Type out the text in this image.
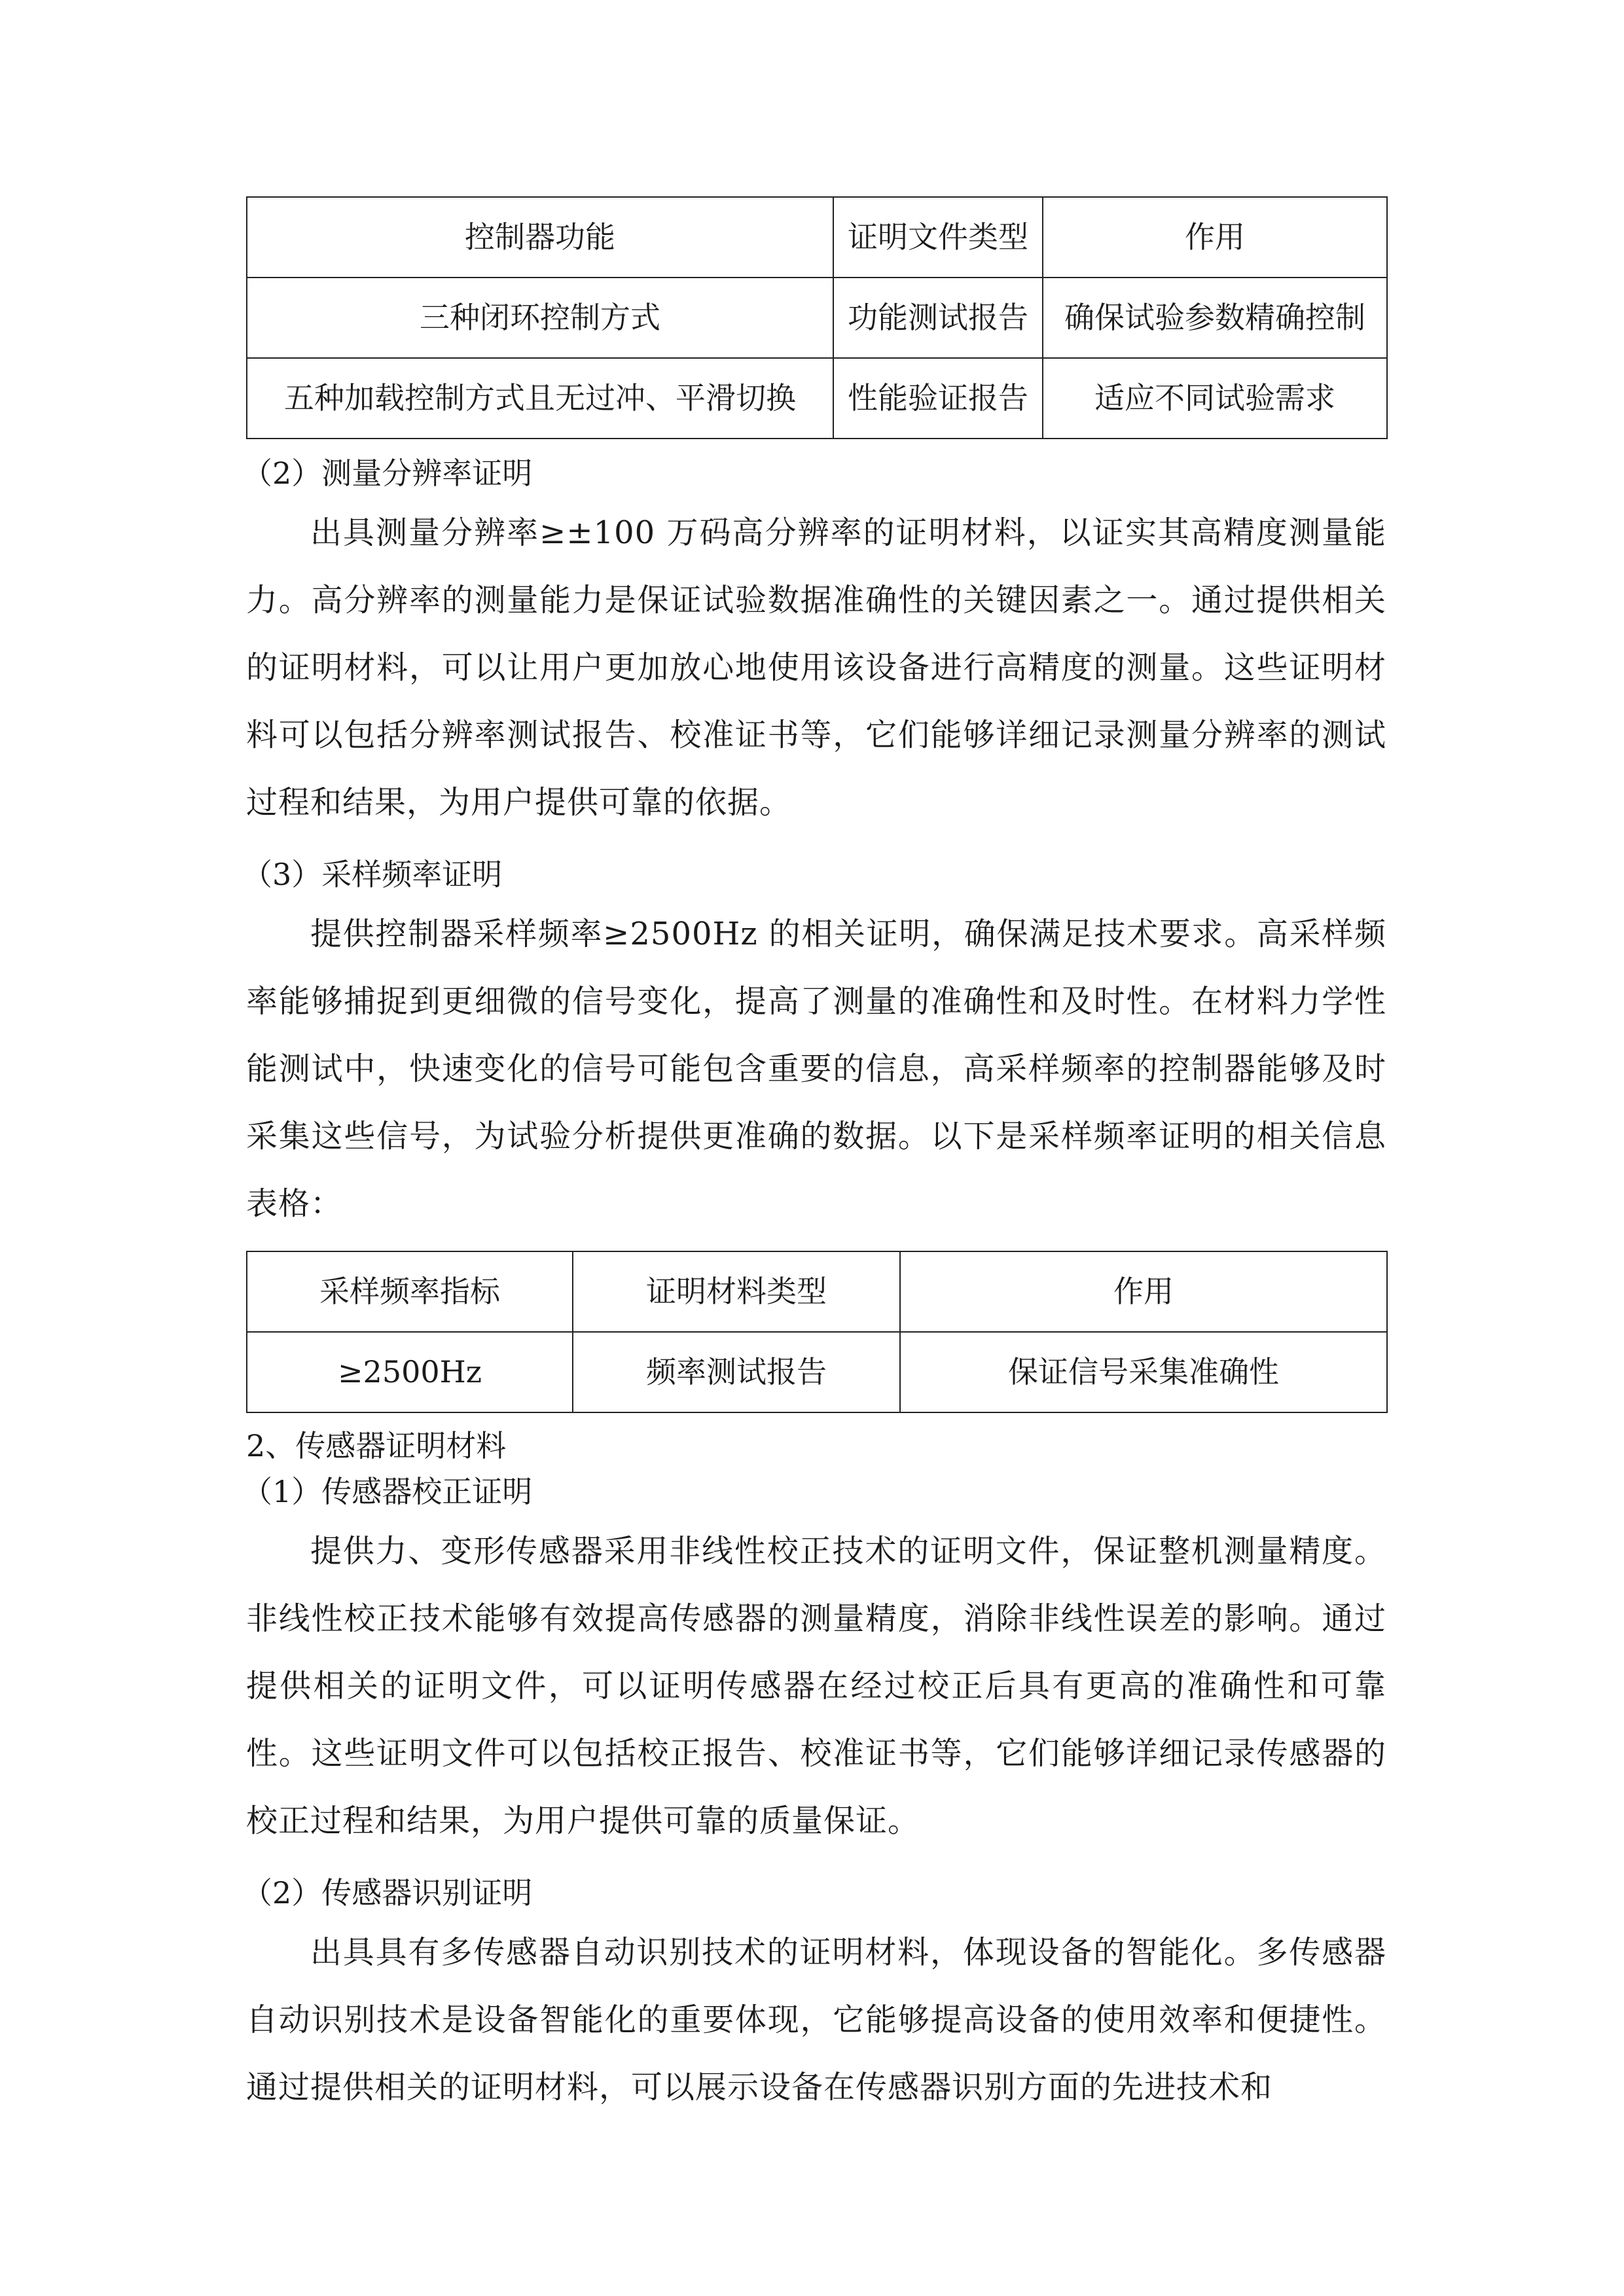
控制器功能	证明文件类型	作用
三种闭环控制方式	功能测试报告	确保试验参数精确控制
五种加载控制方式且无过冲、平滑切换	性能验证报告	适应不同试验需求

（2）测量分辨率证明

出具测量分辨率≥±100 万码高分辨率的证明材料，以证实其高精度测量能力。高分辨率的测量能力是保证试验数据准确性的关键因素之一。通过提供相关的证明材料，可以让用户更加放心地使用该设备进行高精度的测量。这些证明材料可以包括分辨率测试报告、校准证书等，它们能够详细记录测量分辨率的测试过程和结果，为用户提供可靠的依据。

（3）采样频率证明

提供控制器采样频率≥2500Hz 的相关证明，确保满足技术要求。高采样频率能够捕捉到更细微的信号变化，提高了测量的准确性和及时性。在材料力学性能测试中，快速变化的信号可能包含重要的信息，高采样频率的控制器能够及时采集这些信号，为试验分析提供更准确的数据。以下是采样频率证明的相关信息表格：

采样频率指标	证明材料类型	作用
≥2500Hz	频率测试报告	保证信号采集准确性

2、传感器证明材料

（1）传感器校正证明

提供力、变形传感器采用非线性校正技术的证明文件，保证整机测量精度。非线性校正技术能够有效提高传感器的测量精度，消除非线性误差的影响。通过提供相关的证明文件，可以证明传感器在经过校正后具有更高的准确性和可靠性。这些证明文件可以包括校正报告、校准证书等，它们能够详细记录传感器的校正过程和结果，为用户提供可靠的质量保证。

（2）传感器识别证明

出具具有多传感器自动识别技术的证明材料，体现设备的智能化。多传感器自动识别技术是设备智能化的重要体现，它能够提高设备的使用效率和便捷性。通过提供相关的证明材料，可以展示设备在传感器识别方面的先进技术和
